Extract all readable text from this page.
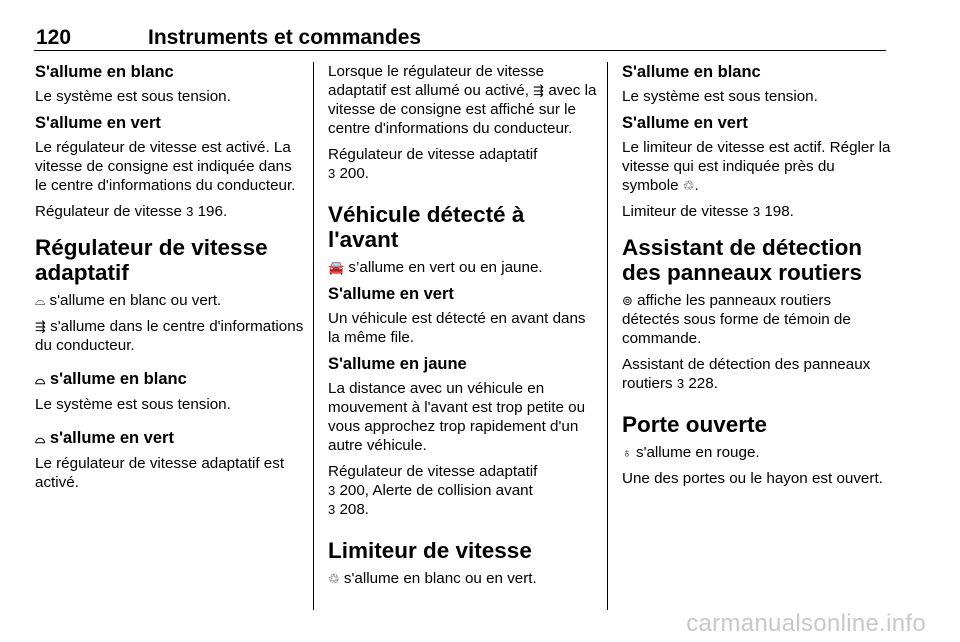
120	Instruments et commandes
S'allume en blanc
Le système est sous tension.
S'allume en vert
Le régulateur de vitesse est activé. La vitesse de consigne est indiquée dans le centre d'informations du conducteur.
Régulateur de vitesse 3 196.
Régulateur de vitesse adaptatif
⌓ s'allume en blanc ou vert.
⇶ s'allume dans le centre d'informations du conducteur.
⌓ s'allume en blanc
Le système est sous tension.
⌓ s'allume en vert
Le régulateur de vitesse adaptatif est activé.
Lorsque le régulateur de vitesse adaptatif est allumé ou activé, ⇶ avec la vitesse de consigne est affiché sur le centre d'informations du conducteur.
Régulateur de vitesse adaptatif
3 200.
Véhicule détecté à l'avant
🚘 s’allume en vert ou en jaune.
S'allume en vert
Un véhicule est détecté en avant dans la même file.
S'allume en jaune
La distance avec un véhicule en mouvement à l'avant est trop petite ou vous approchez trop rapidement d'un autre véhicule.
Régulateur de vitesse adaptatif
3 200, Alerte de collision avant
3 208.
Limiteur de vitesse
♲ s'allume en blanc ou en vert.
S'allume en blanc
Le système est sous tension.
S'allume en vert
Le limiteur de vitesse est actif. Régler la vitesse qui est indiquée près du symbole ♲.
Limiteur de vitesse 3 198.
Assistant de détection des panneaux routiers
⊚ affiche les panneaux routiers détectés sous forme de témoin de commande.
Assistant de détection des panneaux routiers 3 228.
Porte ouverte
♁ s'allume en rouge.
Une des portes ou le hayon est ouvert.
carmanualsonline.info
